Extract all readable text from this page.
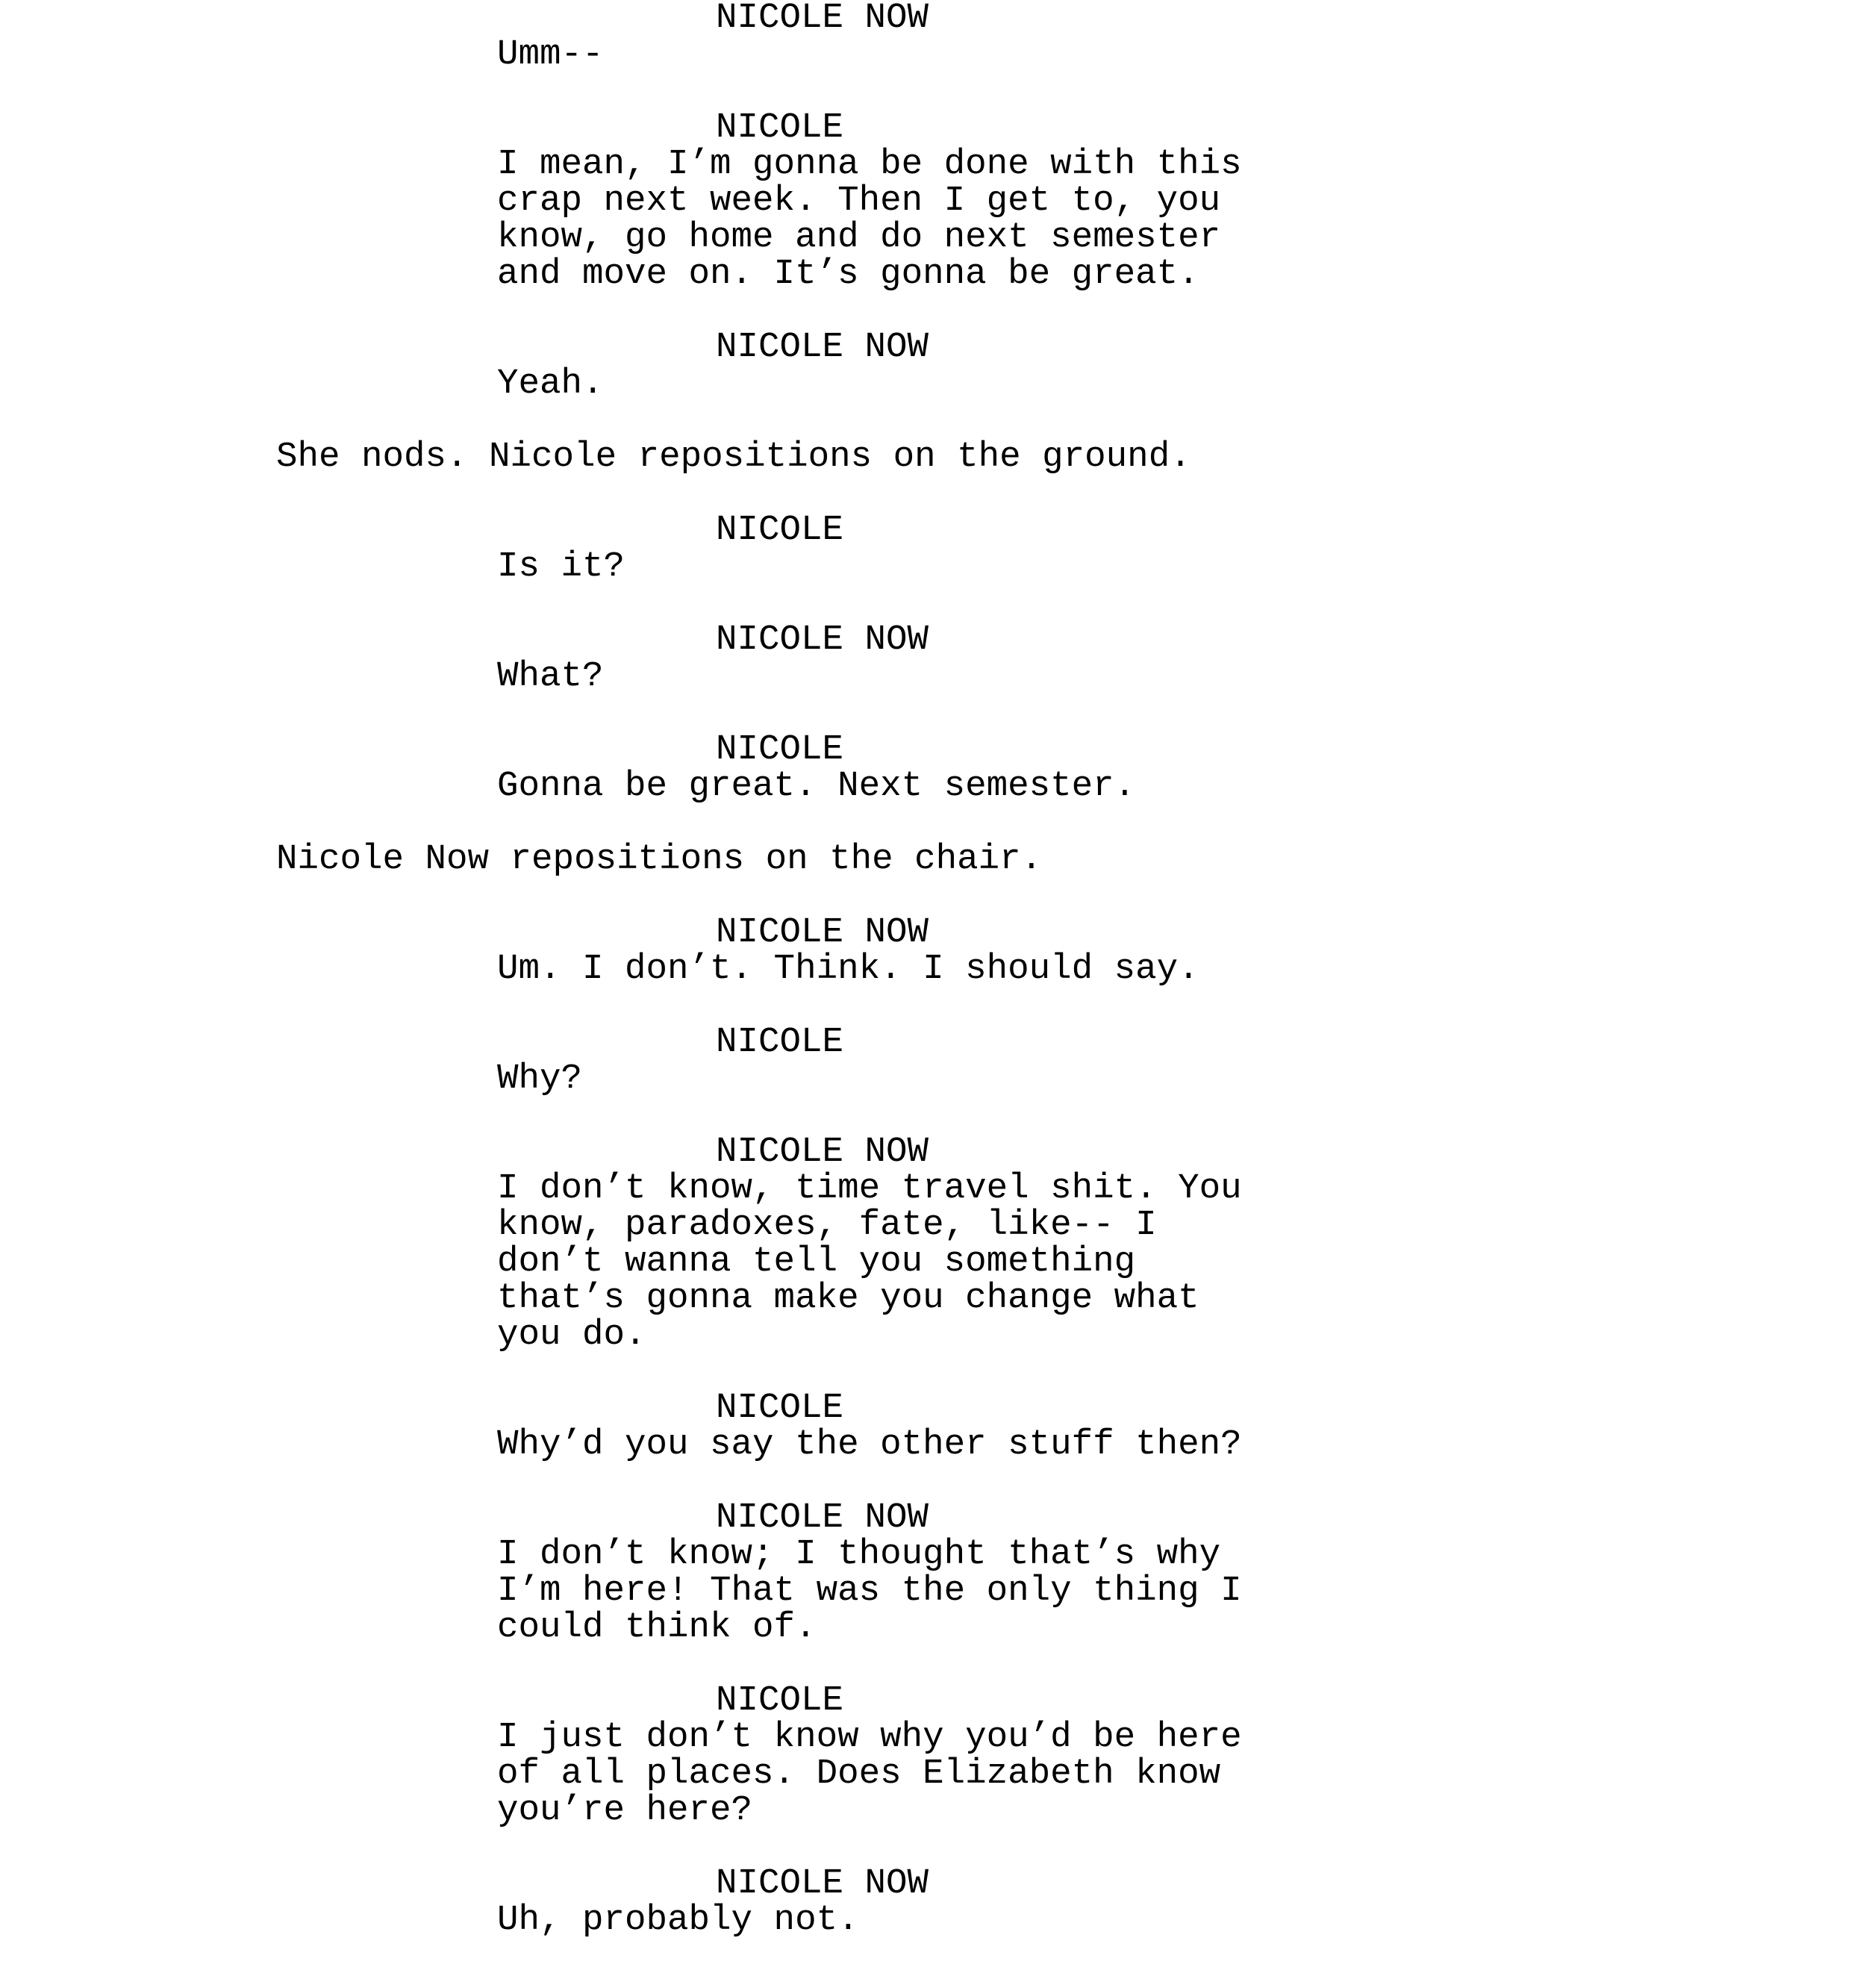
NICOLE NOW
Umm--
NICOLE
I mean, I’m gonna be done with this
crap next week. Then I get to, you
know, go home and do next semester
and move on. It’s gonna be great.
NICOLE NOW
Yeah.
She nods. Nicole repositions on the ground.
NICOLE
Is it?
NICOLE NOW
What?
NICOLE
Gonna be great. Next semester.
Nicole Now repositions on the chair.
NICOLE NOW
Um. I don’t. Think. I should say.
NICOLE
Why?
NICOLE NOW
I don’t know, time travel shit. You
know, paradoxes, fate, like-- I
don’t wanna tell you something
that’s gonna make you change what
you do.
NICOLE
Why’d you say the other stuff then?
NICOLE NOW
I don’t know; I thought that’s why
I’m here! That was the only thing I
could think of.
NICOLE
I just don’t know why you’d be here
of all places. Does Elizabeth know
you’re here?
NICOLE NOW
Uh, probably not.
